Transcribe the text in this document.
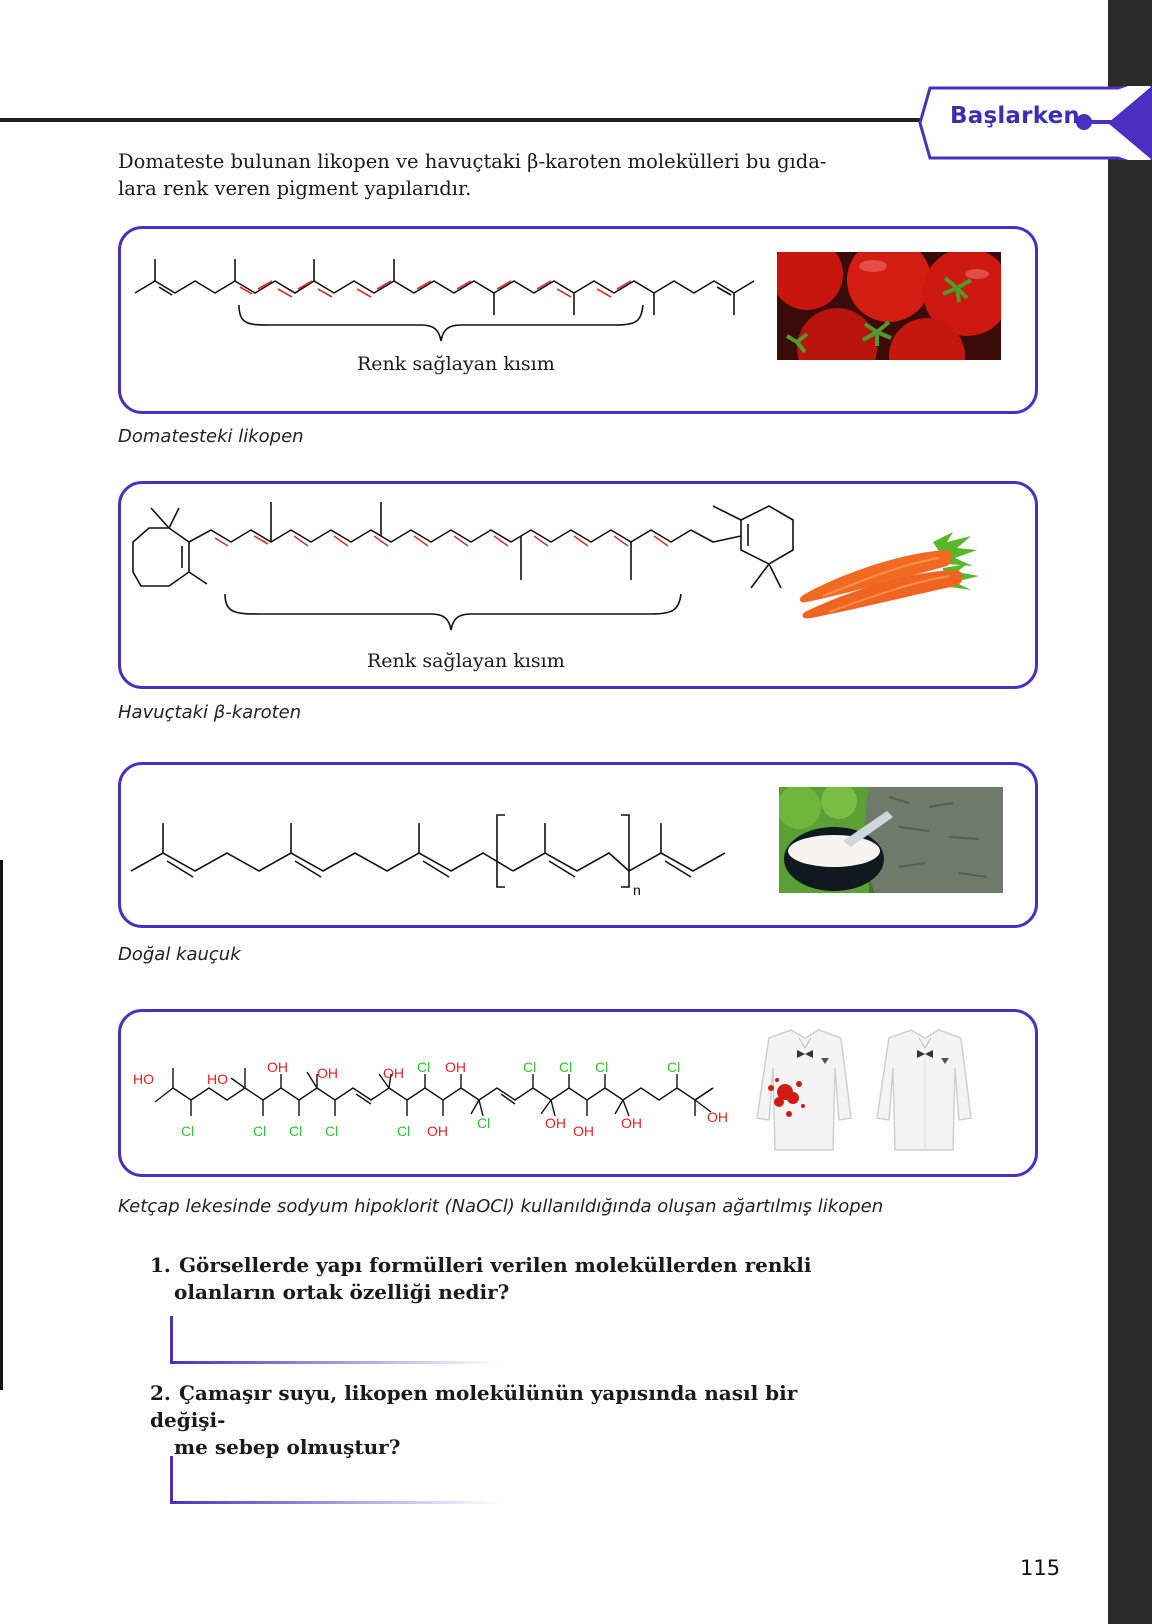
Başlarken
Domateste bulunan likopen ve havuçtaki β-karoten molekülleri bu gıda-
lara renk veren pigment yapılarıdır.
Renk sağlayan kısım
Domatesteki likopen
Renk sağlayan kısım
Havuçtaki β-karoten
n
Doğal kauçuk
HO	HO
OH OH	OH	OH
OH	OH OH OH	OH
Cl	Cl Cl Cl
Cl
Cl	Cl
Cl Cl Cl	Cl
Ketçap lekesinde sodyum hipoklorit (NaOCl) kullanıldığında oluşan ağartılmış likopen
1. Görsellerde yapı formülleri verilen moleküllerden renkli
olanların ortak özelliği nedir?
2. Çamaşır suyu, likopen molekülünün yapısında nasıl bir değişi-
me sebep olmuştur?
115
